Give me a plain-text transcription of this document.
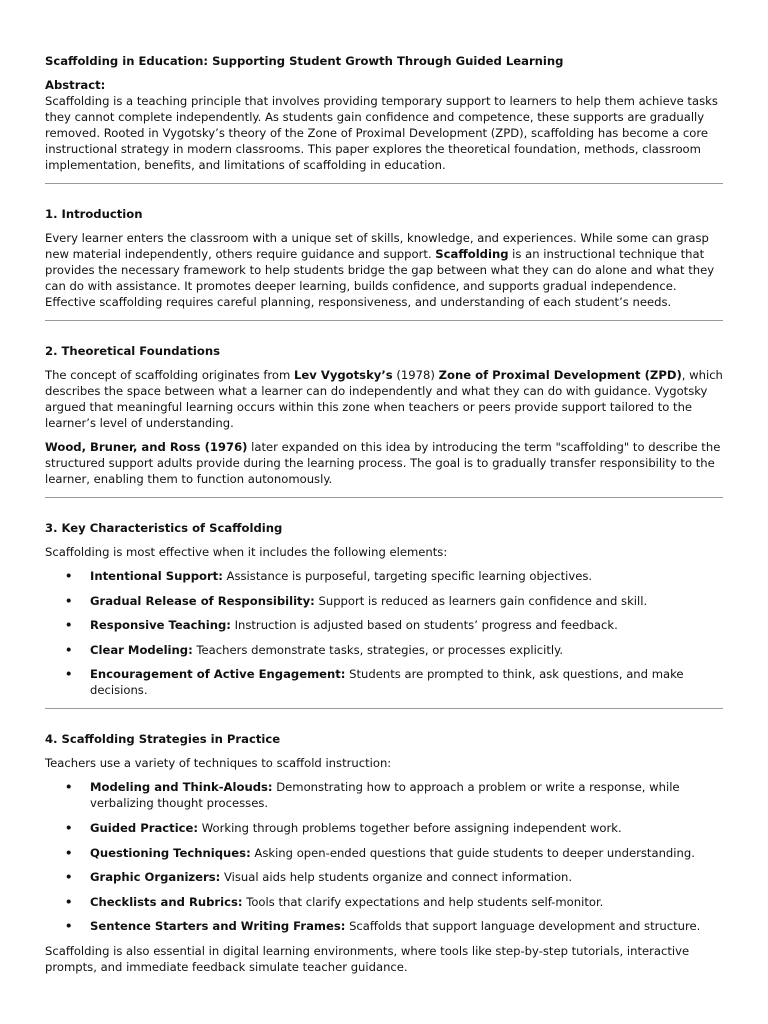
Scaffolding in Education: Supporting Student Growth Through Guided Learning
Abstract:

Scaffolding is a teaching principle that involves providing temporary support to learners to help them achieve tasks they cannot complete independently. As students gain confidence and competence, these supports are gradually removed. Rooted in Vygotsky’s theory of the Zone of Proximal Development (ZPD), scaffolding has become a core instructional strategy in modern classrooms. This paper explores the theoretical foundation, methods, classroom implementation, benefits, and limitations of scaffolding in education.

1. Introduction

Every learner enters the classroom with a unique set of skills, knowledge, and experiences. While some can grasp new material independently, others require guidance and support. Scaffolding is an instructional technique that provides the necessary framework to help students bridge the gap between what they can do alone and what they can do with assistance. It promotes deeper learning, builds confidence, and supports gradual independence. Effective scaffolding requires careful planning, responsiveness, and understanding of each student’s needs.

2. Theoretical Foundations

The concept of scaffolding originates from Lev Vygotsky’s (1978) Zone of Proximal Development (ZPD), which describes the space between what a learner can do independently and what they can do with guidance. Vygotsky argued that meaningful learning occurs within this zone when teachers or peers provide support tailored to the learner’s level of understanding.

Wood, Bruner, and Ross (1976) later expanded on this idea by introducing the term "scaffolding" to describe the structured support adults provide during the learning process. The goal is to gradually transfer responsibility to the learner, enabling them to function autonomously.

3. Key Characteristics of Scaffolding

Scaffolding is most effective when it includes the following elements:

• Intentional Support: Assistance is purposeful, targeting specific learning objectives.
• Gradual Release of Responsibility: Support is reduced as learners gain confidence and skill.
• Responsive Teaching: Instruction is adjusted based on students’ progress and feedback.
• Clear Modeling: Teachers demonstrate tasks, strategies, or processes explicitly.
• Encouragement of Active Engagement: Students are prompted to think, ask questions, and make decisions.
4. Scaffolding Strategies in Practice

Teachers use a variety of techniques to scaffold instruction:

• Modeling and Think-Alouds: Demonstrating how to approach a problem or write a response, while verbalizing thought processes.
• Guided Practice: Working through problems together before assigning independent work.
• Questioning Techniques: Asking open-ended questions that guide students to deeper understanding.
• Graphic Organizers: Visual aids help students organize and connect information.
• Checklists and Rubrics: Tools that clarify expectations and help students self-monitor.
• Sentence Starters and Writing Frames: Scaffolds that support language development and structure.

Scaffolding is also essential in digital learning environments, where tools like step-by-step tutorials, interactive prompts, and immediate feedback simulate teacher guidance.
